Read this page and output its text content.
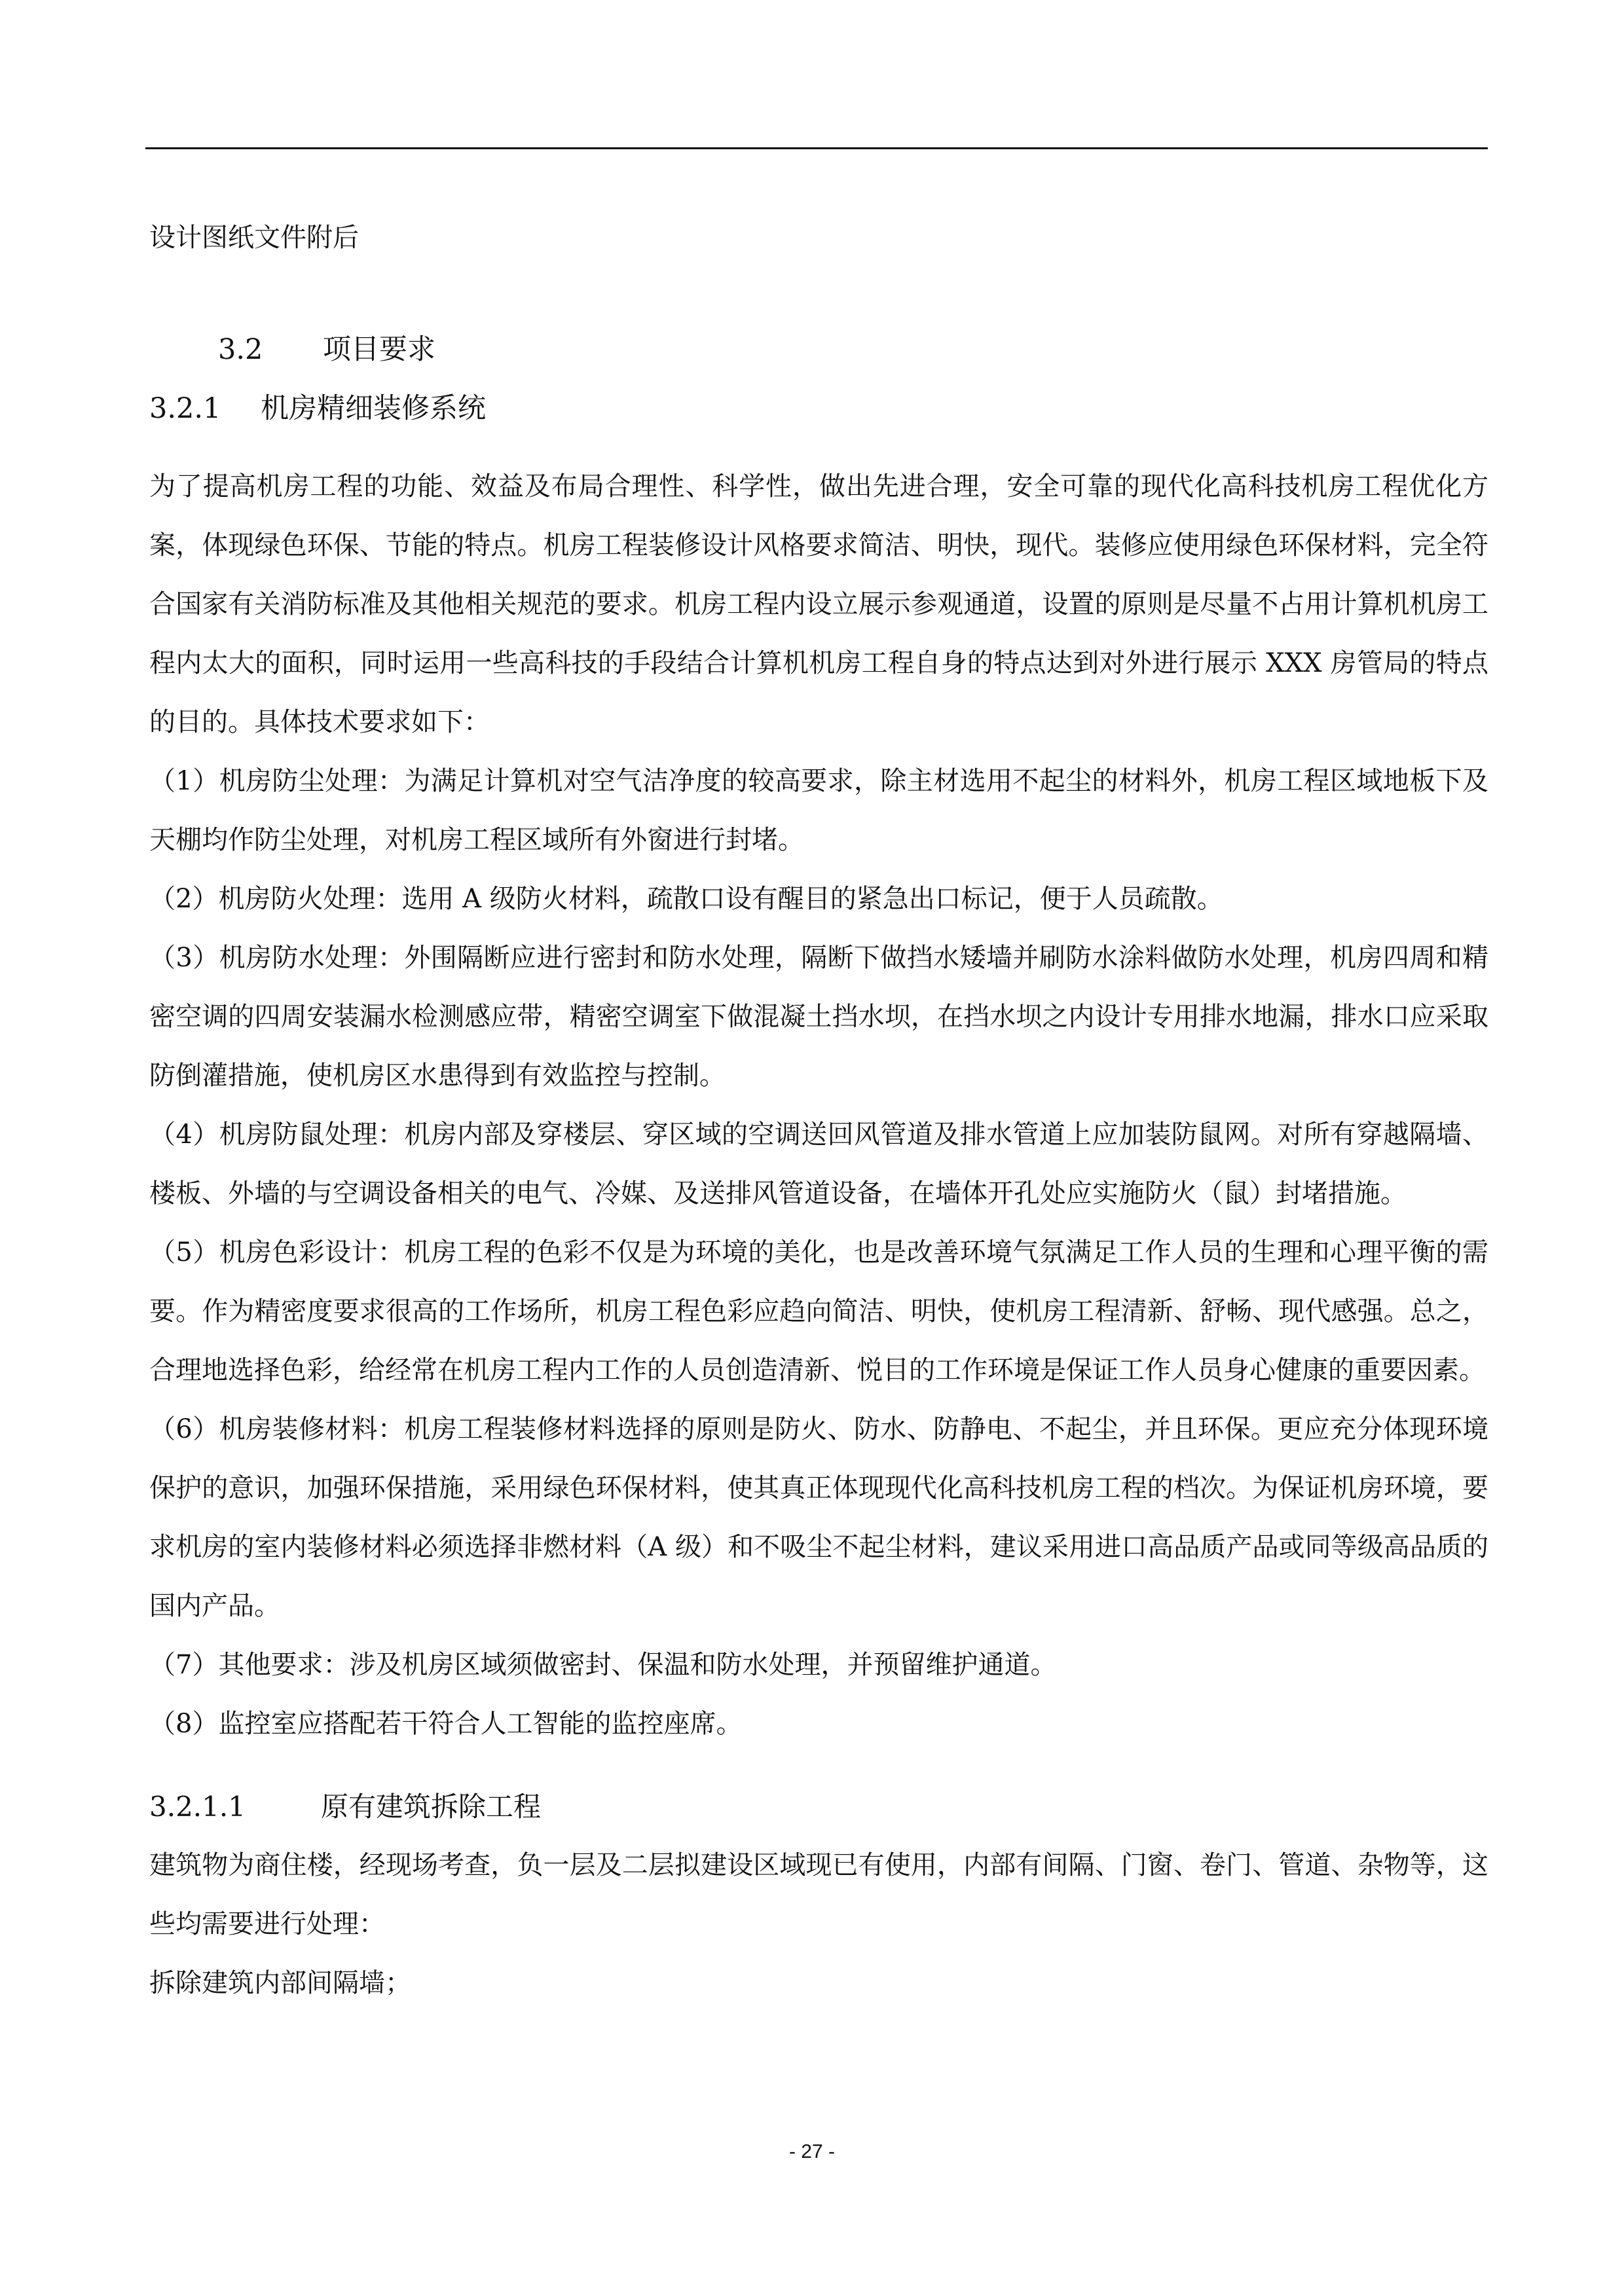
设计图纸文件附后

3.2	项目要求
3.2.1	机房精细装修系统

为了提高机房工程的功能、效益及布局合理性、科学性，做出先进合理，安全可靠的现代化高科技机房工程优化方案，体现绿色环保、节能的特点。机房工程装修设计风格要求简洁、明快，现代。装修应使用绿色环保材料，完全符合国家有关消防标准及其他相关规范的要求。机房工程内设立展示参观通道，设置的原则是尽量不占用计算机机房工程内太大的面积，同时运用一些高科技的手段结合计算机机房工程自身的特点达到对外进行展示 XXX 房管局的特点的目的。具体技术要求如下：

（1）机房防尘处理：为满足计算机对空气洁净度的较高要求，除主材选用不起尘的材料外，机房工程区域地板下及天棚均作防尘处理，对机房工程区域所有外窗进行封堵。

（2）机房防火处理：选用 A 级防火材料，疏散口设有醒目的紧急出口标记，便于人员疏散。

（3）机房防水处理：外围隔断应进行密封和防水处理，隔断下做挡水矮墙并刷防水涂料做防水处理，机房四周和精密空调的四周安装漏水检测感应带，精密空调室下做混凝土挡水坝，在挡水坝之内设计专用排水地漏，排水口应采取防倒灌措施，使机房区水患得到有效监控与控制。

（4）机房防鼠处理：机房内部及穿楼层、穿区域的空调送回风管道及排水管道上应加装防鼠网。对所有穿越隔墙、楼板、外墙的与空调设备相关的电气、冷媒、及送排风管道设备，在墙体开孔处应实施防火（鼠）封堵措施。

（5）机房色彩设计：机房工程的色彩不仅是为环境的美化，也是改善环境气氛满足工作人员的生理和心理平衡的需要。作为精密度要求很高的工作场所，机房工程色彩应趋向简洁、明快，使机房工程清新、舒畅、现代感强。总之，合理地选择色彩，给经常在机房工程内工作的人员创造清新、悦目的工作环境是保证工作人员身心健康的重要因素。

（6）机房装修材料：机房工程装修材料选择的原则是防火、防水、防静电、不起尘，并且环保。更应充分体现环境保护的意识，加强环保措施，采用绿色环保材料，使其真正体现现代化高科技机房工程的档次。为保证机房环境，要求机房的室内装修材料必须选择非燃材料（A 级）和不吸尘不起尘材料，建议采用进口高品质产品或同等级高品质的国内产品。

（7）其他要求：涉及机房区域须做密封、保温和防水处理，并预留维护通道。

（8）监控室应搭配若干符合人工智能的监控座席。

3.2.1.1	原有建筑拆除工程

建筑物为商住楼，经现场考查，负一层及二层拟建设区域现已有使用，内部有间隔、门窗、卷门、管道、杂物等，这些均需要进行处理：

拆除建筑内部间隔墙；

- 27 -
